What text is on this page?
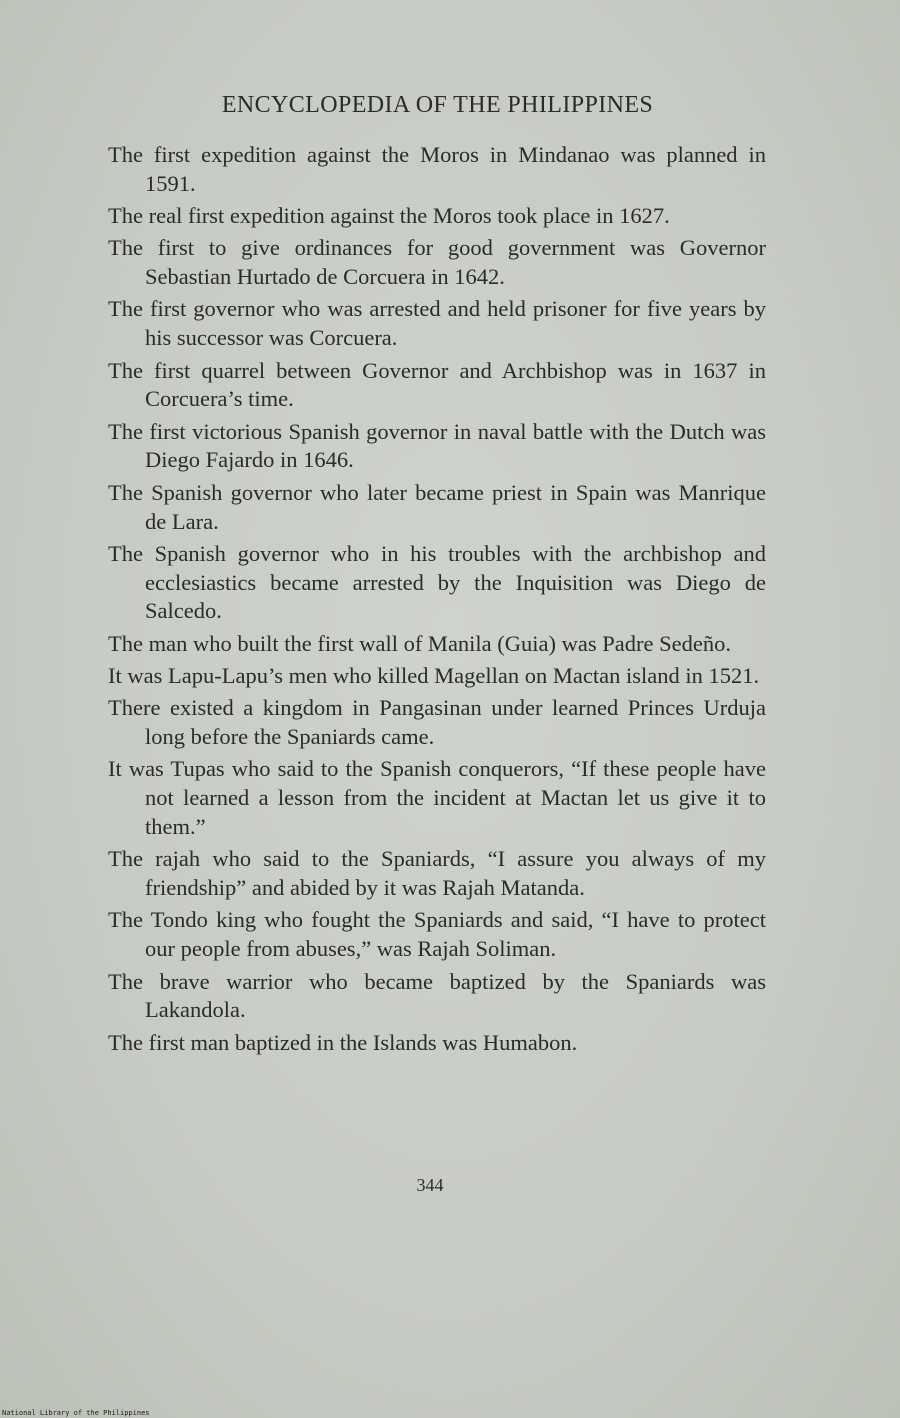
ENCYCLOPEDIA OF THE PHILIPPINES
The first expedition against the Moros in Mindanao was planned in 1591.
The real first expedition against the Moros took place in 1627.
The first to give ordinances for good government was Governor Sebastian Hurtado de Corcuera in 1642.
The first governor who was arrested and held prisoner for five years by his successor was Corcuera.
The first quarrel between Governor and Archbishop was in 1637 in Corcuera’s time.
The first victorious Spanish governor in naval battle with the Dutch was Diego Fajardo in 1646.
The Spanish governor who later became priest in Spain was Manrique de Lara.
The Spanish governor who in his troubles with the archbishop and ecclesiastics became arrested by the Inquisition was Diego de Salcedo.
The man who built the first wall of Manila (Guia) was Padre Sedeño.
It was Lapu-Lapu’s men who killed Magellan on Mactan island in 1521.
There existed a kingdom in Pangasinan under learned Princes Urduja long before the Spaniards came.
It was Tupas who said to the Spanish conquerors, “If these people have not learned a lesson from the incident at Mactan let us give it to them.”
The rajah who said to the Spaniards, “I assure you always of my friendship” and abided by it was Rajah Matanda.
The Tondo king who fought the Spaniards and said, “I have to protect our people from abuses,” was Rajah Soliman.
The brave warrior who became baptized by the Spaniards was Lakandola.
The first man baptized in the Islands was Humabon.
344
National Library of the Philippines
